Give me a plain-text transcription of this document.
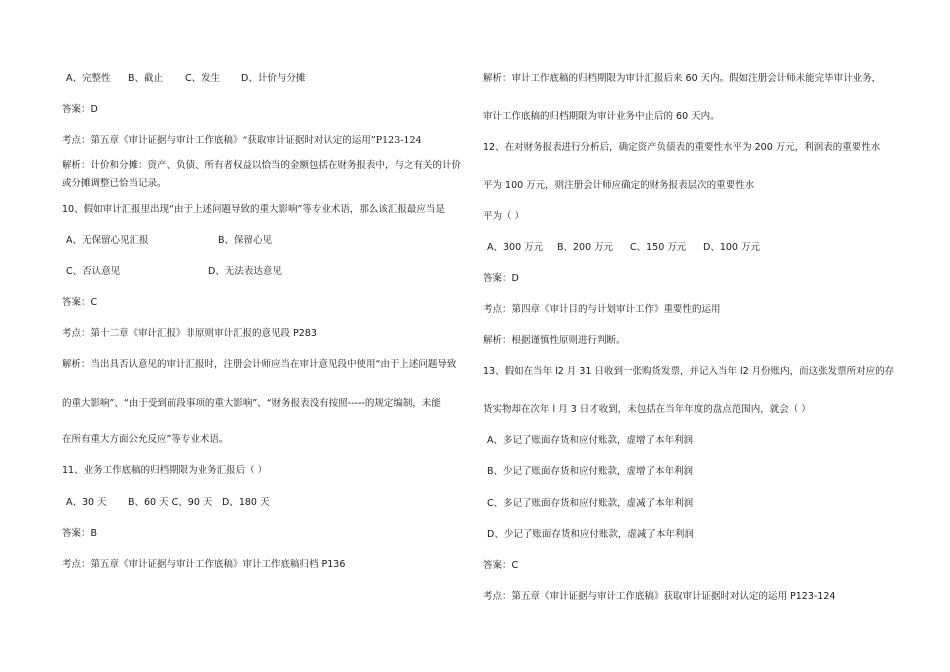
A、完整性 B、截止 C、发生 D、计价与分摊
答案：D
考点：第五章《审计证据与审计工作底稿》“获取审计证据时对认定的运用”P123-124
解析：计价和分摊：资产、负债、所有者权益以恰当的金额包括在财务报表中，与之有关的计价
或分摊调整已恰当记录。
10、假如审计汇报里出现“由于上述问题导致的重大影响”等专业术语，那么该汇报最应当是
A、无保留心见汇报	B、保留心见
C、否认意见	D、无法表达意见
答案：C
考点：第十二章《审计汇报》非原则审计汇报的意见段 P283
解析：当出具否认意见的审计汇报时，注册会计师应当在审计意见段中使用“由于上述问题导致
的重大影响”、“由于受到前段事项的重大影响”、“财务报表没有按照-----的规定编制，未能
在所有重大方面公允反应”等专业术语。
11、业务工作底稿的归档期限为业务汇报后（ ）
A、30 天 B、60 天 C、90 天 D、180 天
答案：B
考点：第五章《审计证据与审计工作底稿》审计工作底稿归档 P136
解析：审计工作底稿的归档期限为审计汇报后来 60 天内。假如注册会计师未能完毕审计业务，
审计工作底稿的归档期限为审计业务中止后的 60 天内。
12、在对财务报表进行分析后，确定资产负债表的重要性水平为 200 万元，利润表的重要性水
平为 100 万元，则注册会计师应确定的财务报表层次的重要性水
平为（ ）
A、300 万元 B、200 万元 C、150 万元 D、100 万元
答案：D
考点：第四章《审计目的与计划审计工作》重要性的运用
解析：根据谨慎性原则进行判断。
13、假如在当年 l2 月 31 日收到一张购货发票，并记入当年 l2 月份账内，而这张发票所对应的存
货实物却在次年 l 月 3 日才收到，未包括在当年年度的盘点范围内，就会（ ）
A、多记了账面存货和应付账款，虚增了本年利润
B、少记了账面存货和应付账款，虚增了本年利润
C、多记了账面存货和应付账款，虚减了本年利润
D、少记了账面存货和应付账款，虚减了本年利润
答案：C
考点：第五章《审计证据与审计工作底稿》获取审计证据时对认定的运用 P123-124
